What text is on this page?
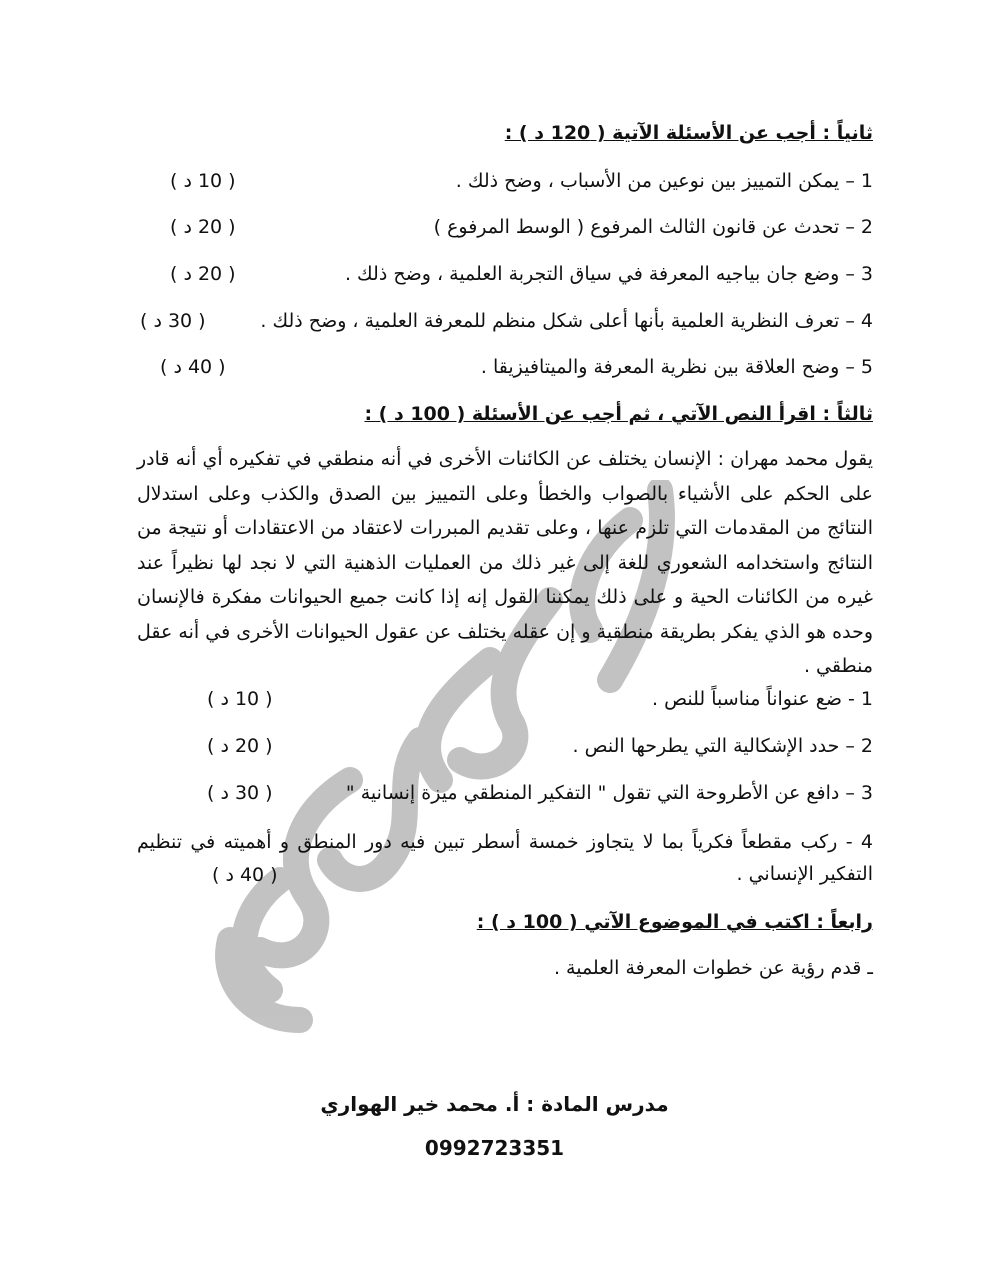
ثانياً : أجب عن الأسئلة الآتية ( 120 د ) :
1 – يمكن التمييز بين نوعين من الأسباب ، وضح ذلك .
( 10 د )
2 – تحدث عن قانون الثالث المرفوع ( الوسط المرفوع )
( 20 د )
3 – وضع جان بياجيه المعرفة في سياق التجربة العلمية ، وضح ذلك .
( 20 د )
4 – تعرف النظرية العلمية بأنها أعلى شكل منظم للمعرفة العلمية ، وضح ذلك .
( 30 د )
5 – وضح العلاقة بين نظرية المعرفة والميتافيزيقا .
( 40 د )
ثالثاً : اقرأ النص الآتي ، ثم أجب عن الأسئلة ( 100 د ) :
يقول محمد مهران : الإنسان يختلف عن الكائنات الأخرى في أنه منطقي في تفكيره أي أنه قادر على الحكم على الأشياء بالصواب والخطأ وعلى التمييز بين الصدق والكذب وعلى استدلال النتائج من المقدمات التي تلزم عنها ، وعلى تقديم المبررات لاعتقاد من الاعتقادات أو نتيجة من النتائج واستخدامه الشعوري للغة إلى غير ذلك من العمليات الذهنية التي لا نجد لها نظيراً عند غيره من الكائنات الحية و على ذلك يمكننا القول إنه إذا كانت جميع الحيوانات مفكرة فالإنسان وحده هو الذي يفكر بطريقة منطقية و إن عقله يختلف عن عقول الحيوانات الأخرى في أنه عقل منطقي .
1 - ضع عنواناً مناسباً للنص .
( 10 د )
2 – حدد الإشكالية التي يطرحها النص .
( 20 د )
3 – دافع عن الأطروحة التي تقول " التفكير المنطقي ميزة إنسانية "
( 30 د )
4 - ركب مقطعاً فكرياً بما لا يتجاوز خمسة أسطر تبين فيه دور المنطق و أهميته في تنظيم التفكير الإنساني .
( 40 د )
رابعاً : اكتب في الموضوع الآتي ( 100 د ) :
ـ قدم رؤية عن خطوات المعرفة العلمية .
مدرس المادة : أ. محمد خير الهواري
0992723351
